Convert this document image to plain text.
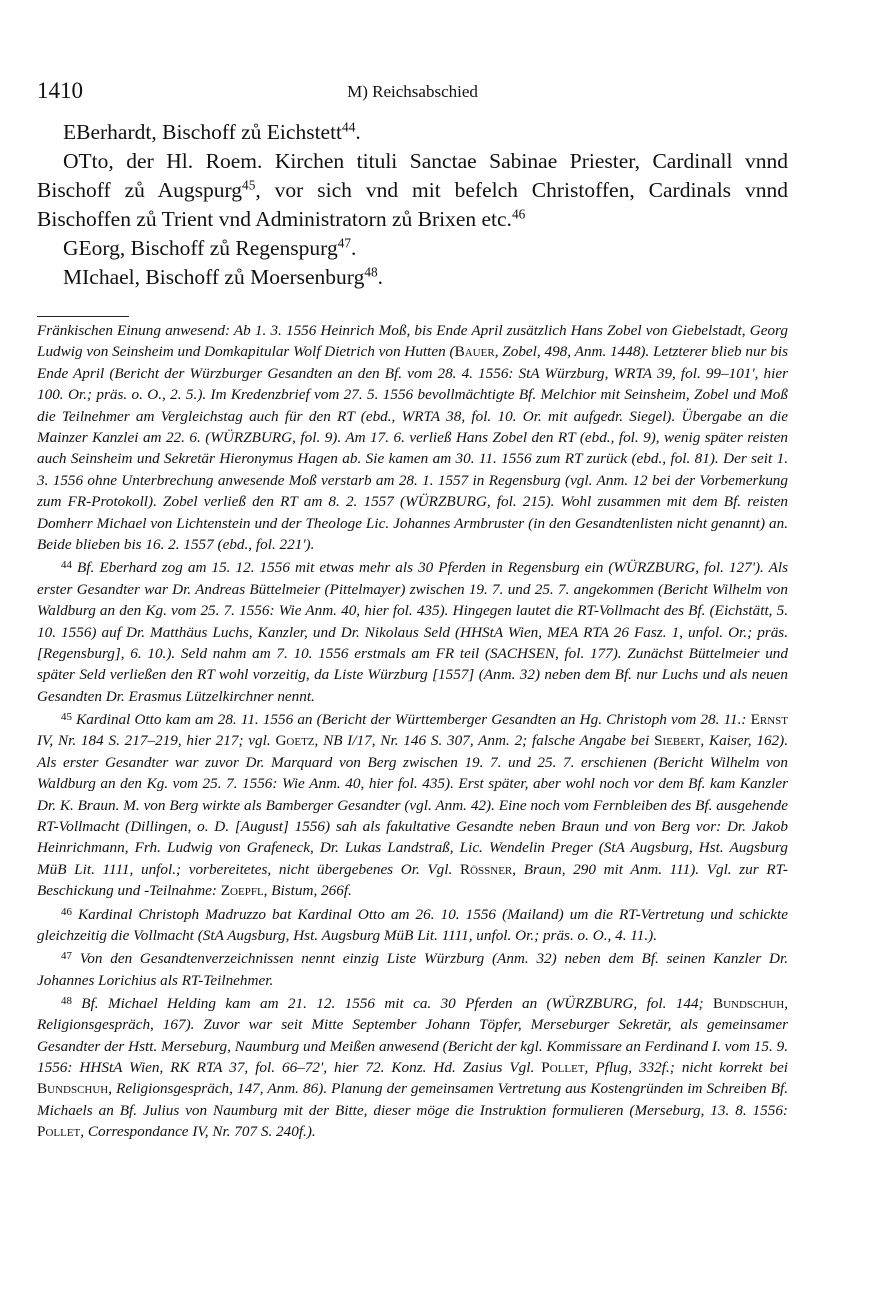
1410	M) Reichsabschied

EBerhardt, Bischoff zů Eichstett$^{44}$.

OTto, der Hl. Roem. Kirchen tituli Sanctae Sabinae Priester, Cardinall vnnd Bischoff zů Augspurg$^{45}$, vor sich vnd mit befelch Christoffen, Cardinals vnnd Bischoffen zů Trient vnd Administratorn zů Brixen etc.$^{46}$

GEorg, Bischoff zů Regenspurg$^{47}$.

MIchael, Bischoff zů Moersenburg$^{48}$.

Fränkischen Einung anwesend: Ab 1. 3. 1556 Heinrich Moß, bis Ende April zusätzlich Hans Zobel von Giebelstadt, Georg Ludwig von Seinsheim und Domkapitular Wolf Dietrich von Hutten (Bauer, Zobel, 498, Anm. 1448). Letzterer blieb nur bis Ende April (Bericht der Würzburger Gesandten an den Bf. vom 28. 4. 1556: StA Würzburg, WRTA 39, fol. 99–101', hier 100. Or.; präs. o. O., 2. 5.). Im Kredenzbrief vom 27. 5. 1556 bevollmächtigte Bf. Melchior mit Seinsheim, Zobel und Moß die Teilnehmer am Vergleichstag auch für den RT (ebd., WRTA 38, fol. 10. Or. mit aufgedr. Siegel). Übergabe an die Mainzer Kanzlei am 22. 6. (WÜRZBURG, fol. 9). Am 17. 6. verließ Hans Zobel den RT (ebd., fol. 9), wenig später reisten auch Seinsheim und Sekretär Hieronymus Hagen ab. Sie kamen am 30. 11. 1556 zum RT zurück (ebd., fol. 81). Der seit 1. 3. 1556 ohne Unterbrechung anwesende Moß verstarb am 28. 1. 1557 in Regensburg (vgl. Anm. 12 bei der Vorbemerkung zum FR-Protokoll). Zobel verließ den RT am 8. 2. 1557 (WÜRZBURG, fol. 215). Wohl zusammen mit dem Bf. reisten Domherr Michael von Lichtenstein und der Theologe Lic. Johannes Armbruster (in den Gesandtenlisten nicht genannt) an. Beide blieben bis 16. 2. 1557 (ebd., fol. 221').

$^{44}$ Bf. Eberhard zog am 15. 12. 1556 mit etwas mehr als 30 Pferden in Regensburg ein (WÜRZBURG, fol. 127'). Als erster Gesandter war Dr. Andreas Büttelmeier (Pittelmayer) zwischen 19. 7. und 25. 7. angekommen (Bericht Wilhelm von Waldburg an den Kg. vom 25. 7. 1556: Wie Anm. 40, hier fol. 435). Hingegen lautet die RT-Vollmacht des Bf. (Eichstätt, 5. 10. 1556) auf Dr. Matthäus Luchs, Kanzler, und Dr. Nikolaus Seld (HHStA Wien, MEA RTA 26 Fasz. 1, unfol. Or.; präs. [Regensburg], 6. 10.). Seld nahm am 7. 10. 1556 erstmals am FR teil (SACHSEN, fol. 177). Zunächst Büttelmeier und später Seld verließen den RT wohl vorzeitig, da Liste Würzburg [1557] (Anm. 32) neben dem Bf. nur Luchs und als neuen Gesandten Dr. Erasmus Lützelkirchner nennt.

$^{45}$ Kardinal Otto kam am 28. 11. 1556 an (Bericht der Württemberger Gesandten an Hg. Christoph vom 28. 11.: Ernst IV, Nr. 184 S. 217–219, hier 217; vgl. Goetz, NB I/17, Nr. 146 S. 307, Anm. 2; falsche Angabe bei Siebert, Kaiser, 162). Als erster Gesandter war zuvor Dr. Marquard von Berg zwischen 19. 7. und 25. 7. erschienen (Bericht Wilhelm von Waldburg an den Kg. vom 25. 7. 1556: Wie Anm. 40, hier fol. 435). Erst später, aber wohl noch vor dem Bf. kam Kanzler Dr. K. Braun. M. von Berg wirkte als Bamberger Gesandter (vgl. Anm. 42). Eine noch vom Fernbleiben des Bf. ausgehende RT-Vollmacht (Dillingen, o. D. [August] 1556) sah als fakultative Gesandte neben Braun und von Berg vor: Dr. Jakob Heinrichmann, Frh. Ludwig von Grafeneck, Dr. Lukas Landstraß, Lic. Wendelin Preger (StA Augsburg, Hst. Augsburg MüB Lit. 1111, unfol.; vorbereitetes, nicht übergebenes Or. Vgl. Rössner, Braun, 290 mit Anm. 111). Vgl. zur RT-Beschickung und -Teilnahme: Zoepfl, Bistum, 266f.

$^{46}$ Kardinal Christoph Madruzzo bat Kardinal Otto am 26. 10. 1556 (Mailand) um die RT-Vertretung und schickte gleichzeitig die Vollmacht (StA Augsburg, Hst. Augsburg MüB Lit. 1111, unfol. Or.; präs. o. O., 4. 11.).

$^{47}$ Von den Gesandtenverzeichnissen nennt einzig Liste Würzburg (Anm. 32) neben dem Bf. seinen Kanzler Dr. Johannes Lorichius als RT-Teilnehmer.

$^{48}$ Bf. Michael Helding kam am 21. 12. 1556 mit ca. 30 Pferden an (WÜRZBURG, fol. 144; Bundschuh, Religionsgespräch, 167). Zuvor war seit Mitte September Johann Töpfer, Merseburger Sekretär, als gemeinsamer Gesandter der Hstt. Merseburg, Naumburg und Meißen anwesend (Bericht der kgl. Kommissare an Ferdinand I. vom 15. 9. 1556: HHStA Wien, RK RTA 37, fol. 66–72', hier 72. Konz. Hd. Zasius Vgl. Pollet, Pflug, 332f.; nicht korrekt bei Bundschuh, Religionsgespräch, 147, Anm. 86). Planung der gemeinsamen Vertretung aus Kostengründen im Schreiben Bf. Michaels an Bf. Julius von Naumburg mit der Bitte, dieser möge die Instruktion formulieren (Merseburg, 13. 8. 1556: Pollet, Correspondance IV, Nr. 707 S. 240f.).
